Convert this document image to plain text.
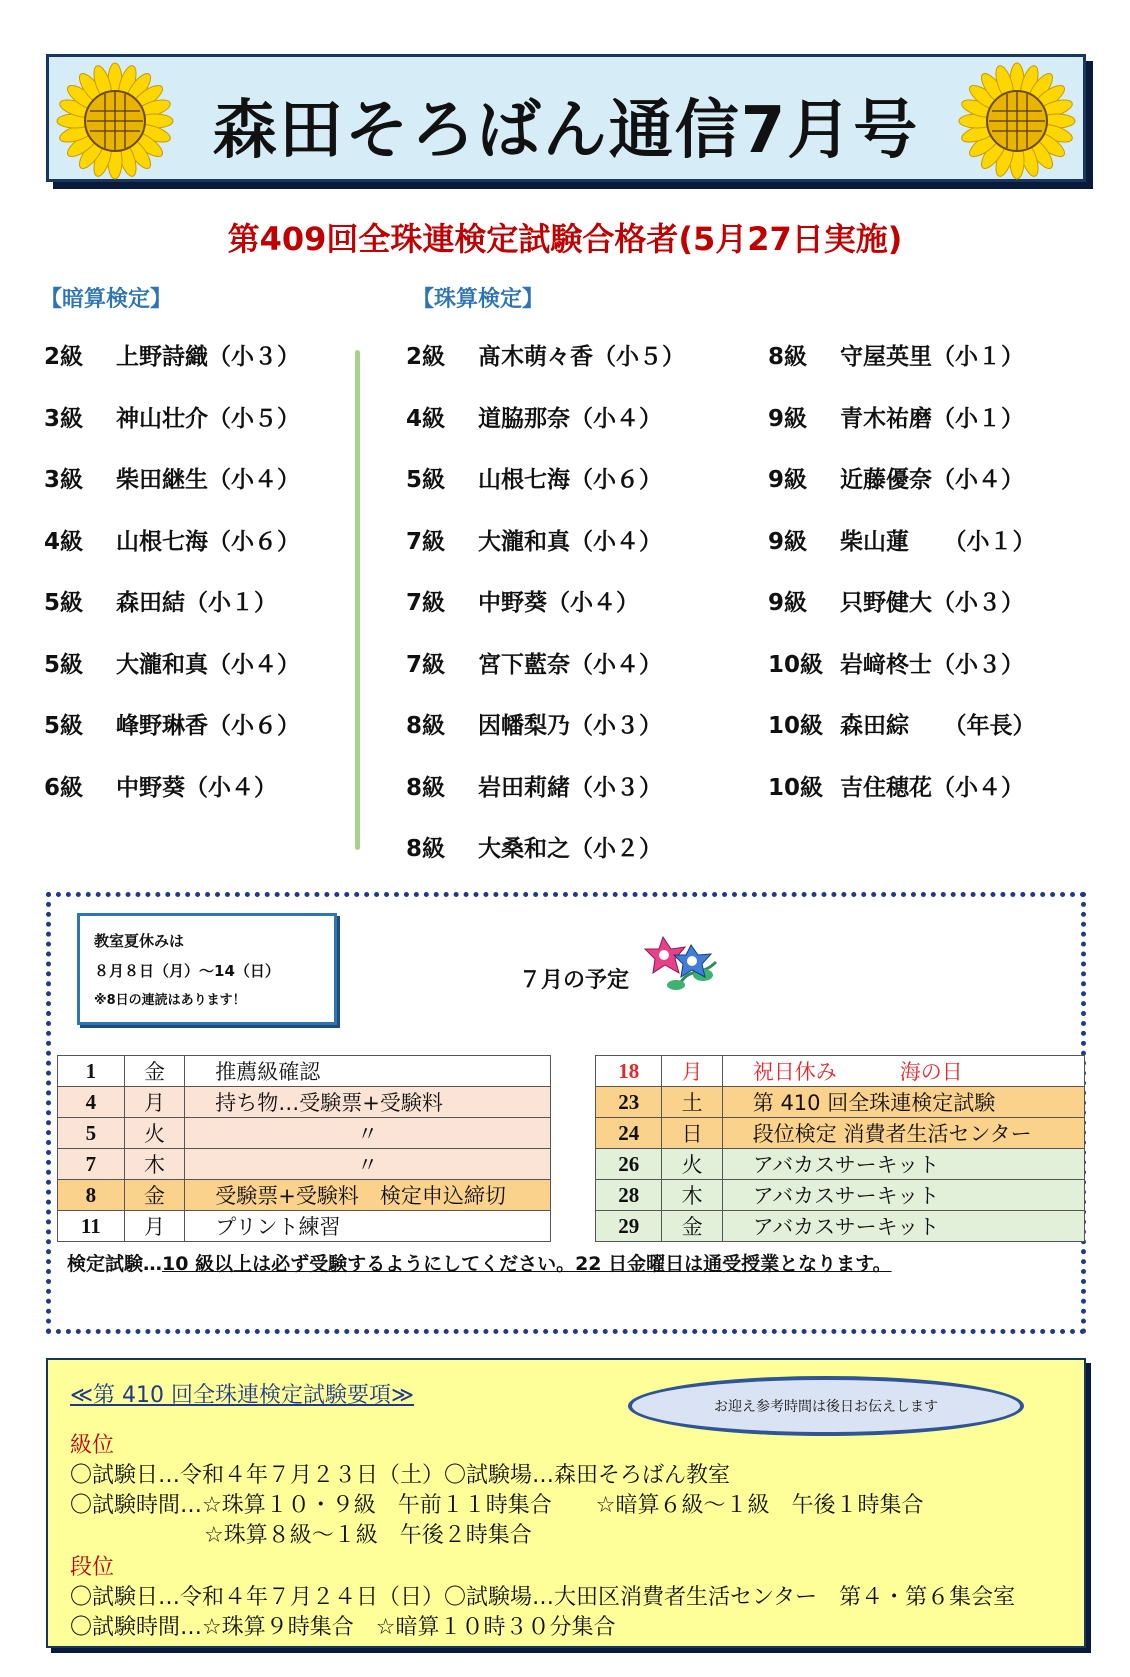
森田そろばん通信7月号
第409回全珠連検定試験合格者(5月27日実施)
【暗算検定】	【珠算検定】
2級	上野詩織（小３）
3級	神山壮介（小５）
3級	柴田継生（小４）
4級	山根七海（小６）
5級	森田結（小１）
5級	大瀧和真（小４）
5級	峰野琳香（小６）
6級	中野葵（小４）
2級	髙木萌々香（小５）
4級	道脇那奈（小４）
5級	山根七海（小６）
7級	大瀧和真（小４）
7級	中野葵（小４）
7級	宮下藍奈（小４）
8級	因幡梨乃（小３）
8級	岩田莉緒（小３）
8級	大桑和之（小２）
8級	守屋英里（小１）
9級	青木祐磨（小１）
9級	近藤優奈（小４）
9級	柴山蓮　　（小１）
9級	只野健大（小３）
10級 岩﨑柊士（小３）
10級 森田綜　　（年長）
10級 吉住穂花（小４）
教室夏休みは
８月８日（月）～14（日）
※8日の連読はあります！
７月の予定
1	金	推薦級確認
4	月	持ち物…受験票+受験料
5	火	〃
7	木	〃
8	金	受験票+受験料　検定申込締切
11	月	プリント練習
18	月	祝日休み　　　海の日
23	土	第 410 回全珠連検定試験
24	日	段位検定 消費者生活センター
26	火	アバカスサーキット
28	木	アバカスサーキット
29	金	アバカスサーキット
検定試験…10 級以上は必ず受験するようにしてください。22 日金曜日は通受授業となります。
≪第 410 回全珠連検定試験要項≫	お迎え参考時間は後日お伝えします
級位
〇試験日…令和４年７月２３日（土）〇試験場…森田そろばん教室
〇試験時間…☆珠算１０・９級　午前１１時集合　　☆暗算６級～１級　午後１時集合
☆珠算８級～１級　午後２時集合
段位
〇試験日…令和４年７月２４日（日）〇試験場…大田区消費者生活センター　第４・第６集会室
〇試験時間…☆珠算９時集合　☆暗算１０時３０分集合
